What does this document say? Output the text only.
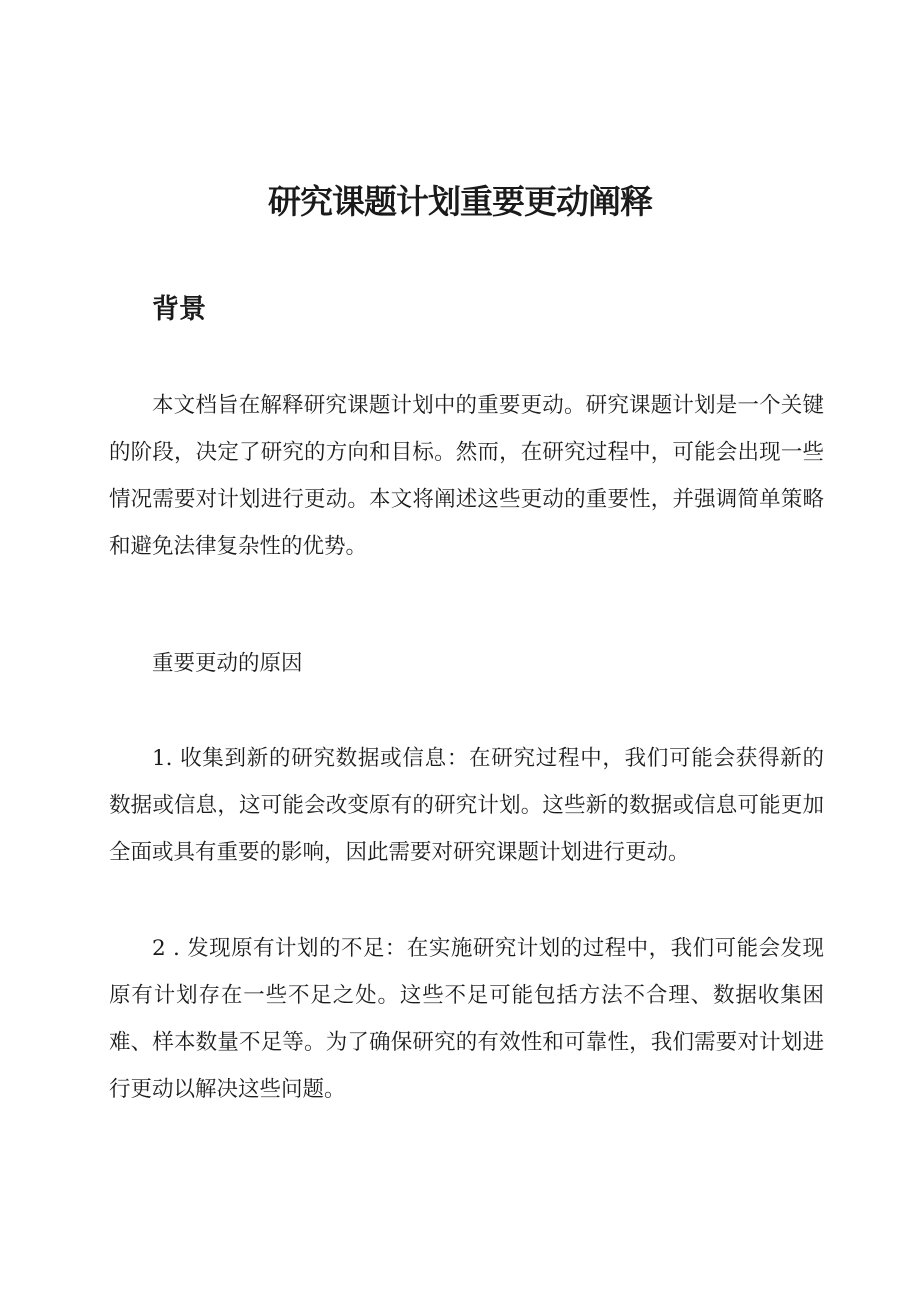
研究课题计划重要更动阐释
背景

本文档旨在解释研究课题计划中的重要更动。研究课题计划是一个关键的阶段，决定了研究的方向和目标。然而，在研究过程中，可能会出现一些情况需要对计划进行更动。本文将阐述这些更动的重要性，并强调简单策略和避免法律复杂性的优势。

重要更动的原因

1. 收集到新的研究数据或信息：在研究过程中，我们可能会获得新的数据或信息，这可能会改变原有的研究计划。这些新的数据或信息可能更加全面或具有重要的影响，因此需要对研究课题计划进行更动。

2 . 发现原有计划的不足：在实施研究计划的过程中，我们可能会发现原有计划存在一些不足之处。这些不足可能包括方法不合理、数据收集困难、样本数量不足等。为了确保研究的有效性和可靠性，我们需要对计划进行更动以解决这些问题。
